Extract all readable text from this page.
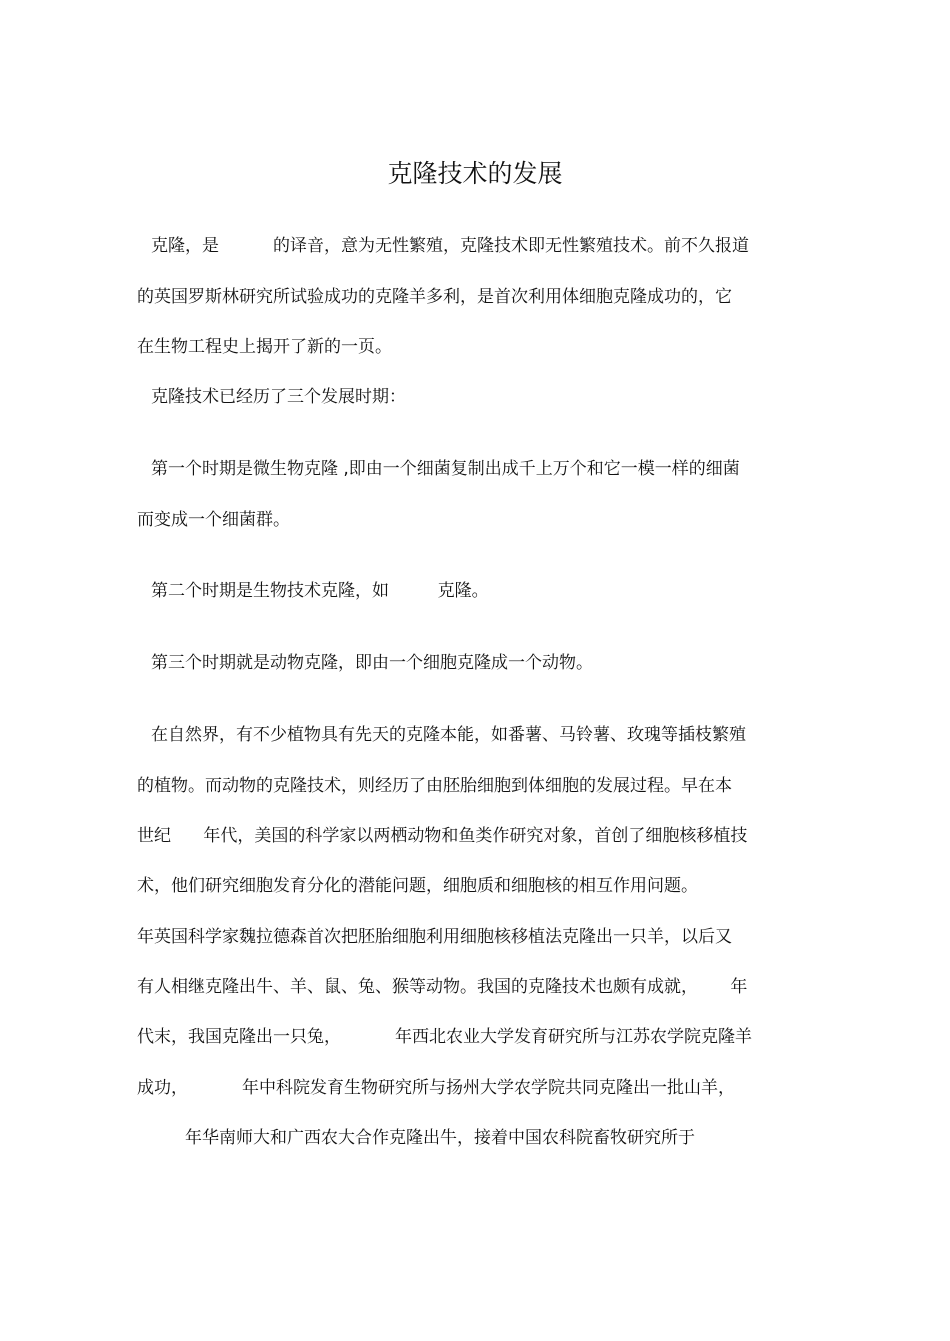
克隆技术的发展

克隆，是          的译音，意为无性繁殖，克隆技术即无性繁殖技术。前不久报道

的英国罗斯林研究所试验成功的克隆羊多利，是首次利用体细胞克隆成功的，它

在生物工程史上揭开了新的一页。

克隆技术已经历了三个发展时期：

第一个时期是微生物克隆 ,即由一个细菌复制出成千上万个和它一模一样的细菌

而变成一个细菌群。

第二个时期是生物技术克隆，如         克隆。

第三个时期就是动物克隆，即由一个细胞克隆成一个动物。

在自然界，有不少植物具有先天的克隆本能，如番薯、马铃薯、玫瑰等插枝繁殖

的植物。而动物的克隆技术，则经历了由胚胎细胞到体细胞的发展过程。早在本

世纪      年代，美国的科学家以两栖动物和鱼类作研究对象，首创了细胞核移植技

术，他们研究细胞发育分化的潜能问题，细胞质和细胞核的相互作用问题。

年英国科学家魏拉德森首次把胚胎细胞利用细胞核移植法克隆出一只羊，以后又

有人相继克隆出牛、羊、鼠、兔、猴等动物。我国的克隆技术也颇有成就，      年

代末，我国克隆出一只兔，          年西北农业大学发育研究所与江苏农学院克隆羊

成功，          年中科院发育生物研究所与扬州大学农学院共同克隆出一批山羊，

年华南师大和广西农大合作克隆出牛，接着中国农科院畜牧研究所于
